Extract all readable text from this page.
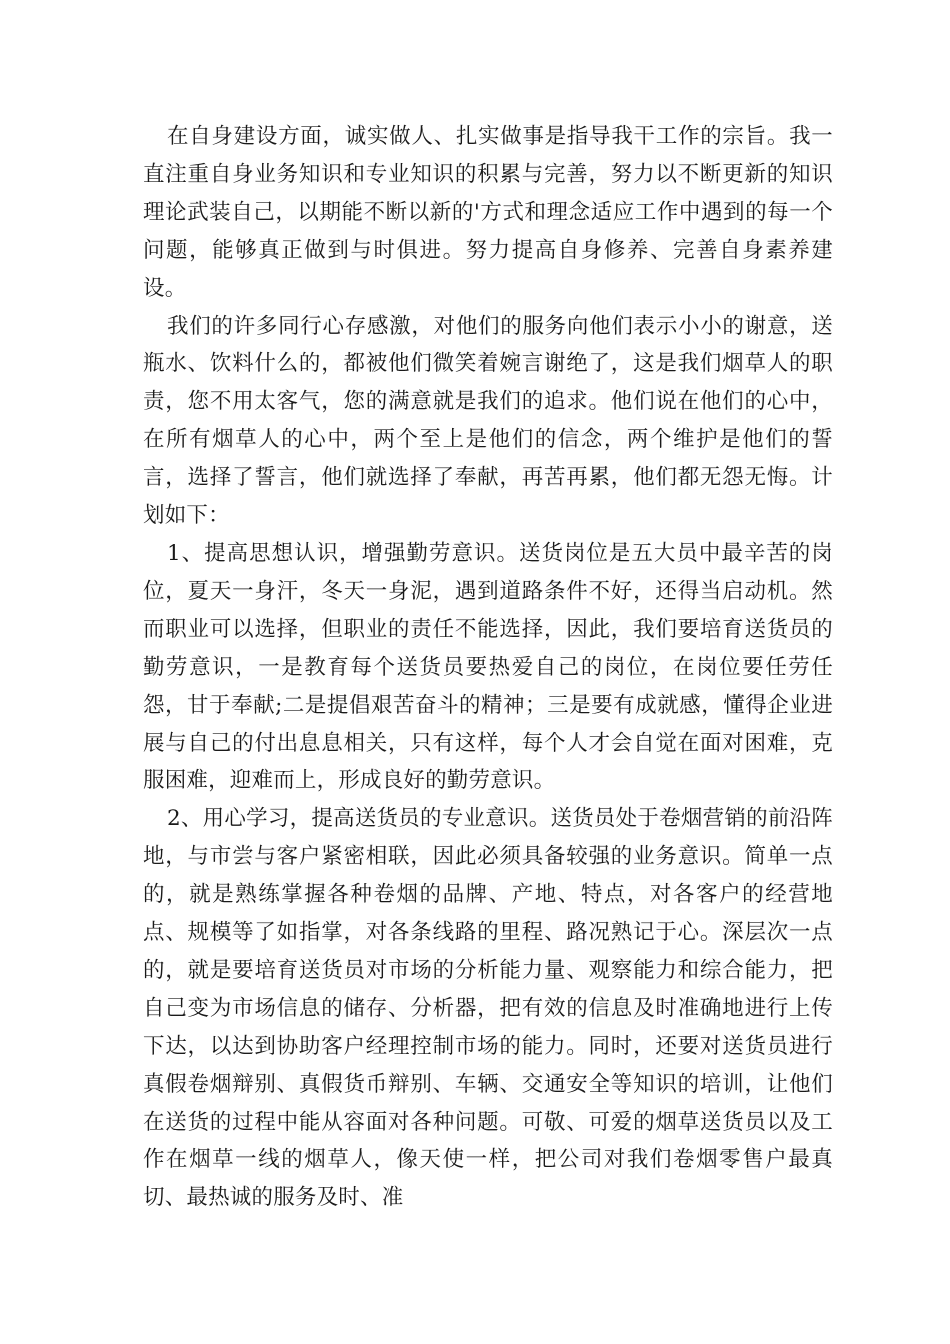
在自身建设方面，诚实做人、扎实做事是指导我干工作的宗旨。我一直注重自身业务知识和专业知识的积累与完善，努力以不断更新的知识理论武装自己，以期能不断以新的'方式和理念适应工作中遇到的每一个问题，能够真正做到与时俱进。努力提高自身修养、完善自身素养建设。

我们的许多同行心存感激，对他们的服务向他们表示小小的谢意，送瓶水、饮料什么的，都被他们微笑着婉言谢绝了，这是我们烟草人的职责，您不用太客气，您的满意就是我们的追求。他们说在他们的心中，在所有烟草人的心中，两个至上是他们的信念，两个维护是他们的誓言，选择了誓言，他们就选择了奉献，再苦再累，他们都无怨无悔。计划如下：

1、提高思想认识，增强勤劳意识。送货岗位是五大员中最辛苦的岗位，夏天一身汗，冬天一身泥，遇到道路条件不好，还得当启动机。然而职业可以选择，但职业的责任不能选择，因此，我们要培育送货员的勤劳意识，一是教育每个送货员要热爱自己的岗位，在岗位要任劳任怨，甘于奉献;二是提倡艰苦奋斗的精神；三是要有成就感，懂得企业进展与自己的付出息息相关，只有这样，每个人才会自觉在面对困难，克服困难，迎难而上，形成良好的勤劳意识。

2、用心学习，提高送货员的专业意识。送货员处于卷烟营销的前沿阵地，与市尝与客户紧密相联，因此必须具备较强的业务意识。简单一点的，就是熟练掌握各种卷烟的品牌、产地、特点，对各客户的经营地点、规模等了如指掌，对各条线路的里程、路况熟记于心。深层次一点的，就是要培育送货员对市场的分析能力量、观察能力和综合能力，把自己变为市场信息的储存、分析器，把有效的信息及时准确地进行上传下达，以达到协助客户经理控制市场的能力。同时，还要对送货员进行真假卷烟辩别、真假货币辩别、车辆、交通安全等知识的培训，让他们在送货的过程中能从容面对各种问题。可敬、可爱的烟草送货员以及工作在烟草一线的烟草人，像天使一样，把公司对我们卷烟零售户最真切、最热诚的服务及时、准
